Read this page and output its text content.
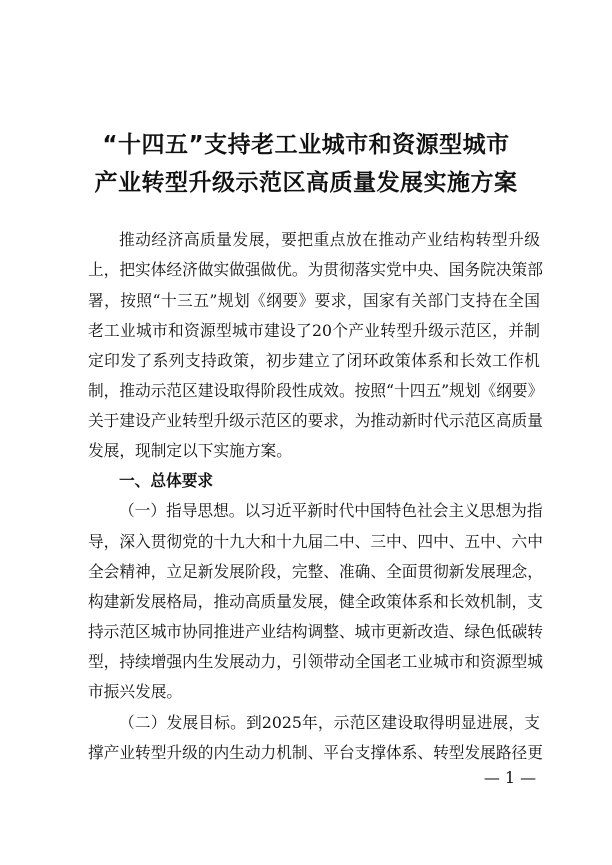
“十四五”支持老工业城市和资源型城市
产业转型升级示范区高质量发展实施方案
推动经济高质量发展，要把重点放在推动产业结构转型升级
上，把实体经济做实做强做优。为贯彻落实党中央、国务院决策部
署，按照“十三五”规划《纲要》要求，国家有关部门支持在全国
老工业城市和资源型城市建设了20个产业转型升级示范区，并制
定印发了系列支持政策，初步建立了闭环政策体系和长效工作机
制，推动示范区建设取得阶段性成效。按照“十四五”规划《纲要》
关于建设产业转型升级示范区的要求，为推动新时代示范区高质量
发展，现制定以下实施方案。
一、总体要求
（一）指导思想。以习近平新时代中国特色社会主义思想为指
导，深入贯彻党的十九大和十九届二中、三中、四中、五中、六中
全会精神，立足新发展阶段，完整、准确、全面贯彻新发展理念，
构建新发展格局，推动高质量发展，健全政策体系和长效机制，支
持示范区城市协同推进产业结构调整、城市更新改造、绿色低碳转
型，持续增强内生发展动力，引领带动全国老工业城市和资源型城
市振兴发展。
（二）发展目标。到2025年，示范区建设取得明显进展，支
撑产业转型升级的内生动力机制、平台支撑体系、转型发展路径更
— 1 —
